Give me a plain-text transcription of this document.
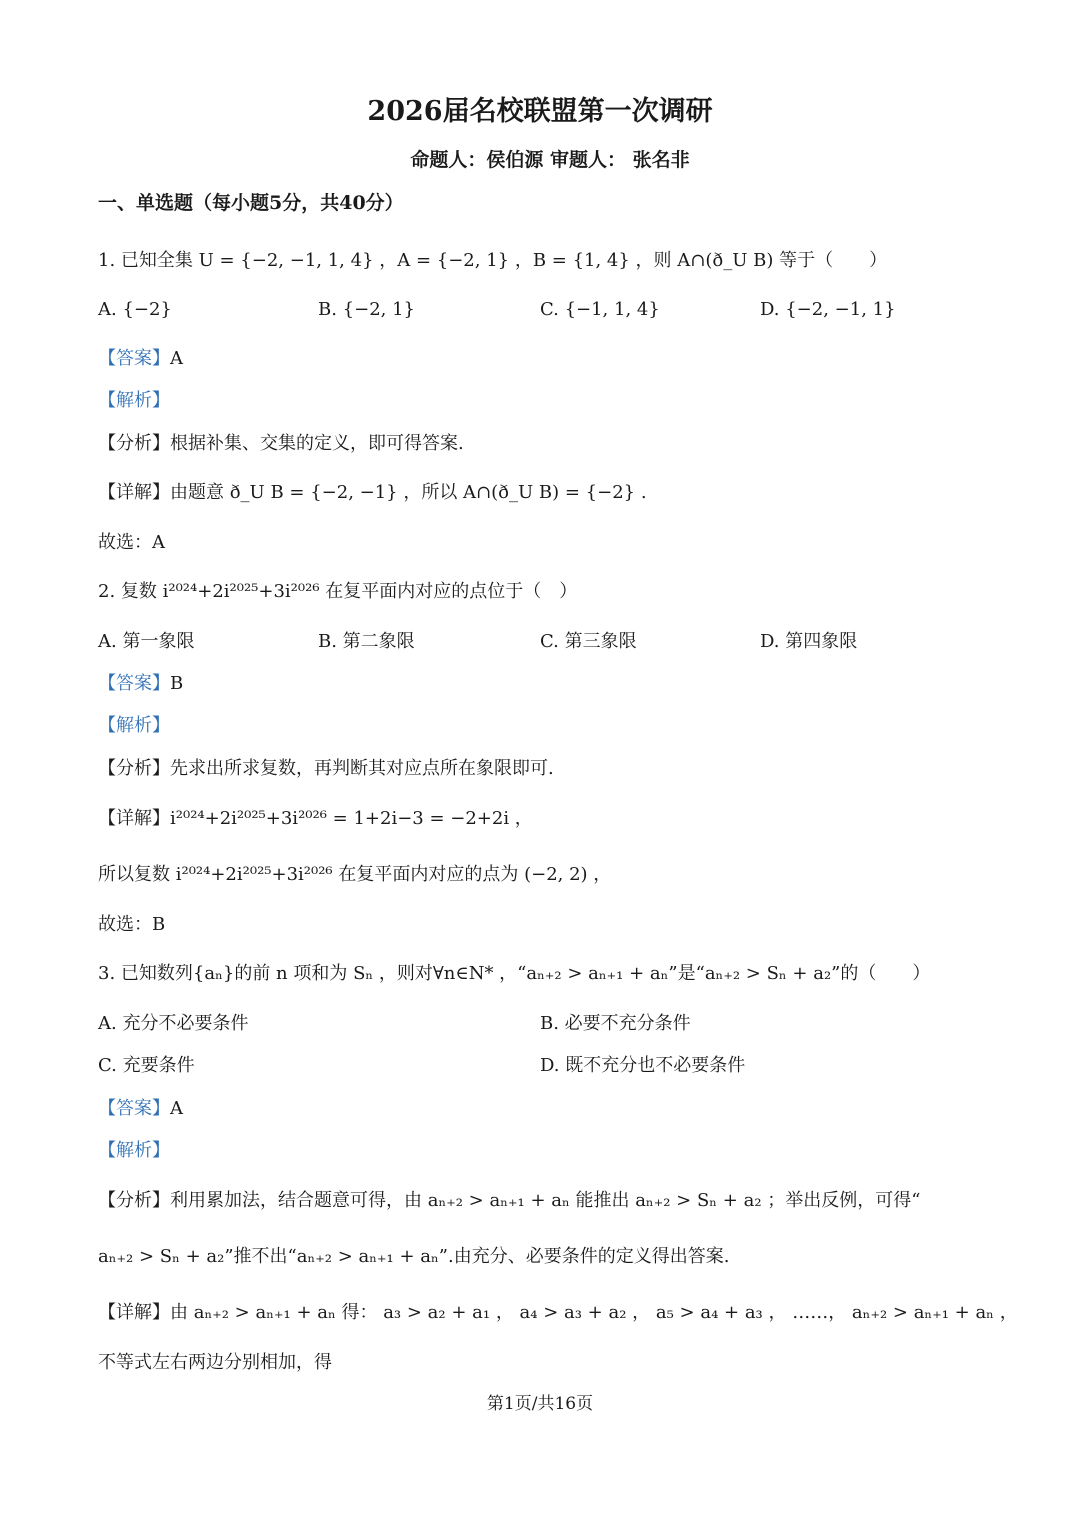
2026届名校联盟第一次调研
命题人：侯伯源 审题人： 张名非
一、单选题（每小题5分，共40分）
1. 已知全集 U = {−2, −1, 1, 4} ，A = {−2, 1} ，B = {1, 4} ，则 A∩(ð_U B) 等于（　　）
A. {−2}	B. {−2, 1}	C. {−1, 1, 4}	D. {−2, −1, 1}
【答案】A
【解析】
【分析】根据补集、交集的定义，即可得答案.
【详解】由题意 ð_U B = {−2, −1} ，所以 A∩(ð_U B) = {−2} .
故选：A
2. 复数 i²⁰²⁴+2i²⁰²⁵+3i²⁰²⁶ 在复平面内对应的点位于（　）
A. 第一象限	B. 第二象限	C. 第三象限	D. 第四象限
【答案】B
【解析】
【分析】先求出所求复数，再判断其对应点所在象限即可.
【详解】i²⁰²⁴+2i²⁰²⁵+3i²⁰²⁶ = 1+2i−3 = −2+2i ，
所以复数 i²⁰²⁴+2i²⁰²⁵+3i²⁰²⁶ 在复平面内对应的点为 (−2, 2) ，
故选：B
3. 已知数列{aₙ}的前 n 项和为 Sₙ ，则对∀n∈N* ，“aₙ₊₂ > aₙ₊₁ + aₙ”是“aₙ₊₂ > Sₙ + a₂”的（　　）
A. 充分不必要条件	B. 必要不充分条件
C. 充要条件	D. 既不充分也不必要条件
【答案】A
【解析】
【分析】利用累加法，结合题意可得，由 aₙ₊₂ > aₙ₊₁ + aₙ 能推出 aₙ₊₂ > Sₙ + a₂ ；举出反例，可得“
aₙ₊₂ > Sₙ + a₂”推不出“aₙ₊₂ > aₙ₊₁ + aₙ”.由充分、必要条件的定义得出答案.
【详解】由 aₙ₊₂ > aₙ₊₁ + aₙ 得： a₃ > a₂ + a₁ ， a₄ > a₃ + a₂ ， a₅ > a₄ + a₃ ， ……， aₙ₊₂ > aₙ₊₁ + aₙ ，
不等式左右两边分别相加，得
第1页/共16页
